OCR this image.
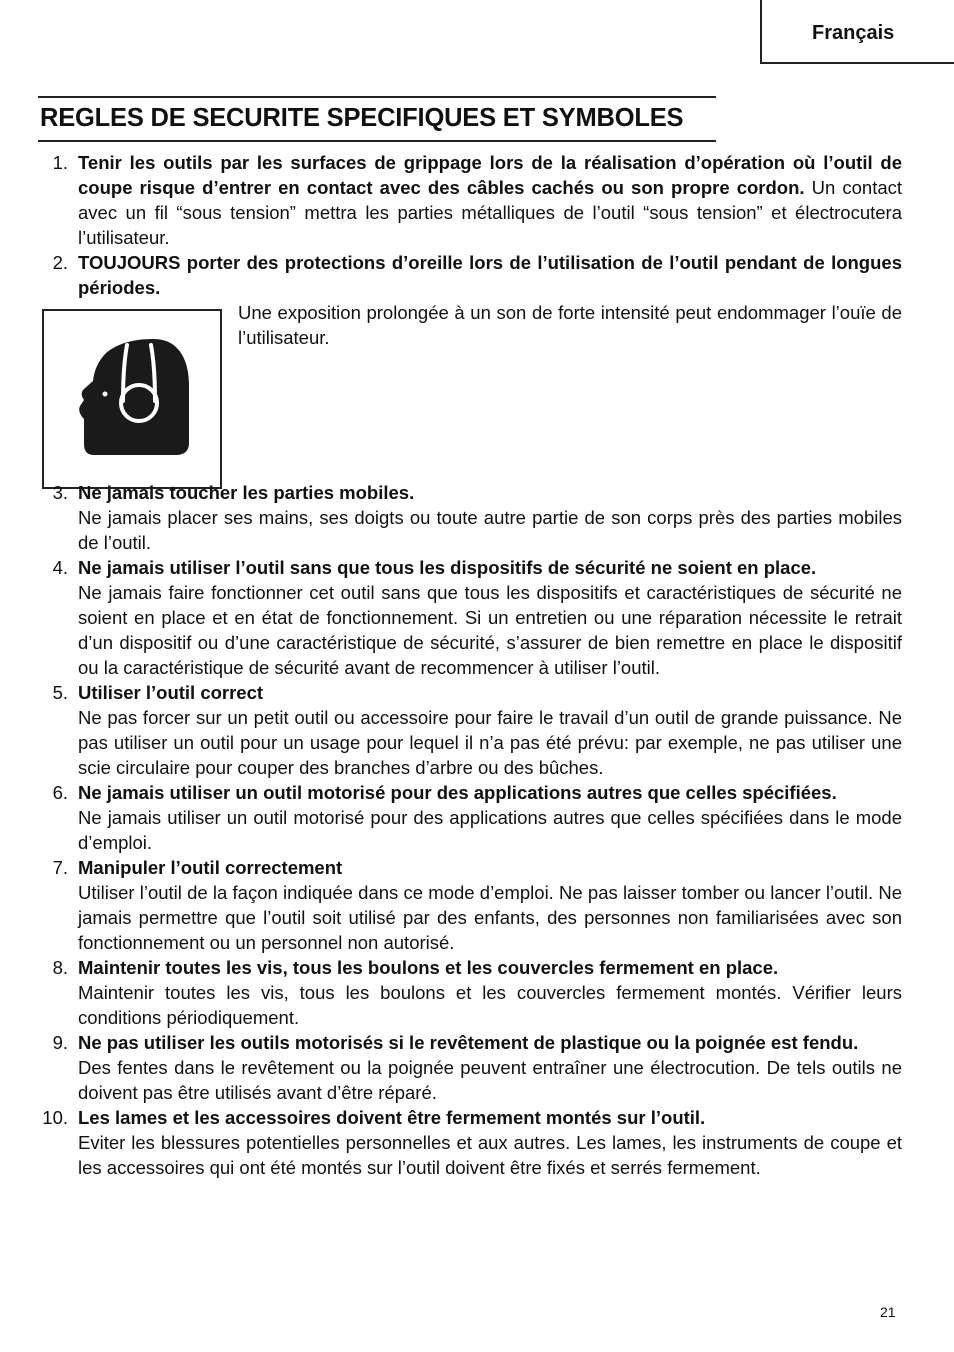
Français
REGLES DE SECURITE SPECIFIQUES ET SYMBOLES
1. Tenir les outils par les surfaces de grippage lors de la réalisation d’opération où l’outil de coupe risque d’entrer en contact avec des câbles cachés ou son propre cordon. Un contact avec un fil “sous tension” mettra les parties métalliques de l’outil “sous tension” et électrocutera l’utilisateur.

2. TOUJOURS porter des protections d’oreille lors de l’utilisation de l’outil pendant de longues périodes.

Une exposition prolongée à un son de forte intensité peut endommager l’ouïe de l’utilisateur.

3. Ne jamais toucher les parties mobiles.

Ne jamais placer ses mains, ses doigts ou toute autre partie de son corps près des parties mobiles de l’outil.

4. Ne jamais utiliser l’outil sans que tous les dispositifs de sécurité ne soient en place.

Ne jamais faire fonctionner cet outil sans que tous les dispositifs et caractéristiques de sécurité ne soient en place et en état de fonctionnement. Si un entretien ou une réparation nécessite le retrait d’un dispositif ou d’une caractéristique de sécurité, s’assurer de bien remettre en place le dispositif ou la caractéristique de sécurité avant de recommencer à utiliser l’outil.

5. Utiliser l’outil correct

Ne pas forcer sur un petit outil ou accessoire pour faire le travail d’un outil de grande puissance. Ne pas utiliser un outil pour un usage pour lequel il n’a pas été prévu: par exemple, ne pas utiliser une scie circulaire pour couper des branches d’arbre ou des bûches.

6. Ne jamais utiliser un outil motorisé pour des applications autres que celles spécifiées.

Ne jamais utiliser un outil motorisé pour des applications autres que celles spécifiées dans le mode d’emploi.

7. Manipuler l’outil correctement

Utiliser l’outil de la façon indiquée dans ce mode d’emploi. Ne pas laisser tomber ou lancer l’outil. Ne jamais permettre que l’outil soit utilisé par des enfants, des personnes non familiarisées avec son fonctionnement ou un personnel non autorisé.

8. Maintenir toutes les vis, tous les boulons et les couvercles fermement en place.

Maintenir toutes les vis, tous les boulons et les couvercles fermement montés. Vérifier leurs conditions périodiquement.

9. Ne pas utiliser les outils motorisés si le revêtement de plastique ou la poignée est fendu.

Des fentes dans le revêtement ou la poignée peuvent entraîner une électrocution. De tels outils ne doivent pas être utilisés avant d’être réparé.

10. Les lames et les accessoires doivent être fermement montés sur l’outil.

Eviter les blessures potentielles personnelles et aux autres. Les lames, les instruments de coupe et les accessoires qui ont été montés sur l’outil doivent être fixés et serrés fermement.

21
